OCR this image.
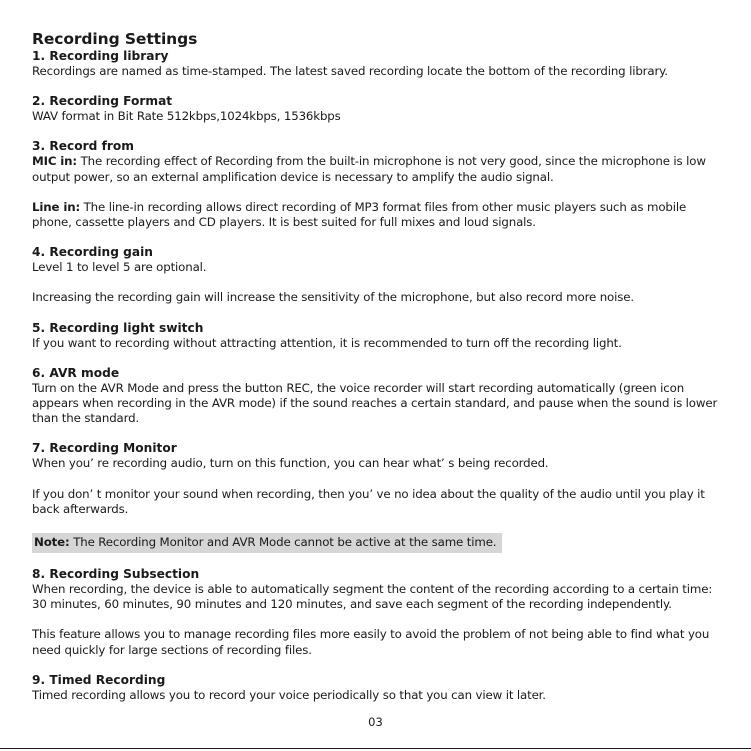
Recording Settings

1. Recording library

Recordings are named as time-stamped. The latest saved recording locate the bottom of the recording library.

2. Recording Format

WAV format in Bit Rate 512kbps,1024kbps, 1536kbps

3. Record from

MIC in: The recording effect of Recording from the built-in microphone is not very good, since the microphone is low output power, so an external amplification device is necessary to amplify the audio signal.

Line in: The line-in recording allows direct recording of MP3 format files from other music players such as mobile phone, cassette players and CD players. It is best suited for full mixes and loud signals.

4. Recording gain

Level 1 to level 5 are optional.

Increasing the recording gain will increase the sensitivity of the microphone, but also record more noise.

5. Recording light switch

If you want to recording without attracting attention, it is recommended to turn off the recording light.

6. AVR mode

Turn on the AVR Mode and press the button REC, the voice recorder will start recording automatically (green icon appears when recording in the AVR mode) if the sound reaches a certain standard, and pause when the sound is lower than the standard.

7. Recording Monitor

When you’ re recording audio, turn on this function, you can hear what’ s being recorded.

If you don’ t monitor your sound when recording, then you’ ve no idea about the quality of the audio until you play it back afterwards.

Note: The Recording Monitor and AVR Mode cannot be active at the same time.

8. Recording Subsection

When recording, the device is able to automatically segment the content of the recording according to a certain time: 30 minutes, 60 minutes, 90 minutes and 120 minutes, and save each segment of the recording independently.

This feature allows you to manage recording files more easily to avoid the problem of not being able to find what you need quickly for large sections of recording files.

9. Timed Recording

Timed recording allows you to record your voice periodically so that you can view it later.

03
